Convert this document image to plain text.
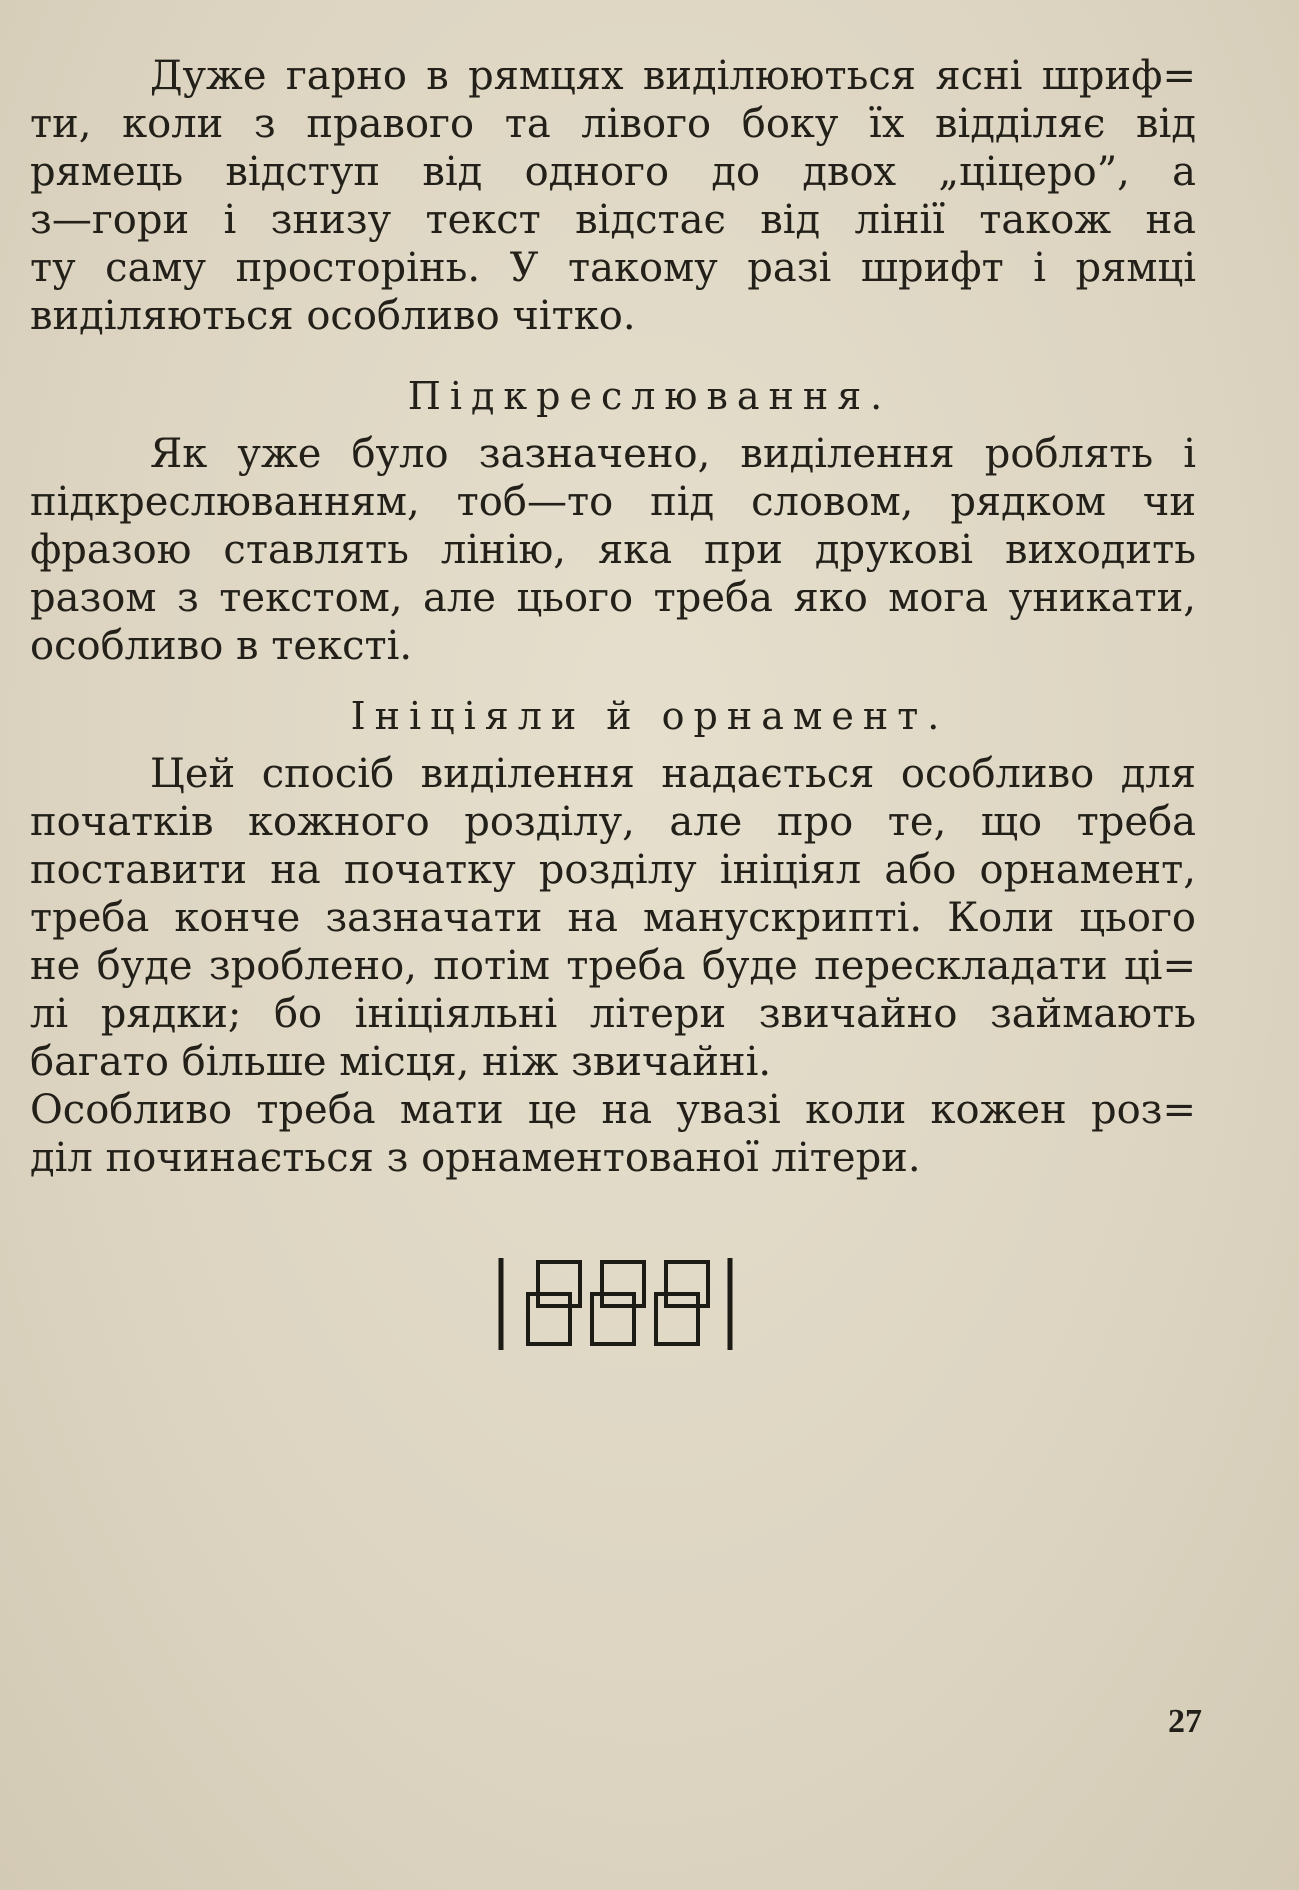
Дуже гарно в рямцях виділюються ясні шриф=
ти, коли з правого та лівого боку їх відділяє від
рямець відступ від одного до двох „ціцеро”, а
з—гори і знизу текст відстає від лінії також на
ту саму просторінь. У такому разі шрифт і рямці
виділяються особливо чітко.
Підкреслювання.
Як уже було зазначено, виділення роблять і
підкреслюванням, тоб—то під словом, рядком чи
фразою ставлять лінію, яка при друкові виходить
разом з текстом, але цього треба яко мога уникати,
особливо в тексті.
Ініціяли й орнамент.
Цей спосіб виділення надається особливо для
початків кожного розділу, але про те, що треба
поставити на початку розділу ініціял або орнамент,
треба конче зазначати на манускрипті. Коли цього
не буде зроблено, потім треба буде перескладати ці=
лі рядки; бо ініціяльні літери звичайно займають
багато більше місця, ніж звичайні.
Особливо треба мати це на увазі коли кожен роз=
діл починається з орнаментованої літери.
27
